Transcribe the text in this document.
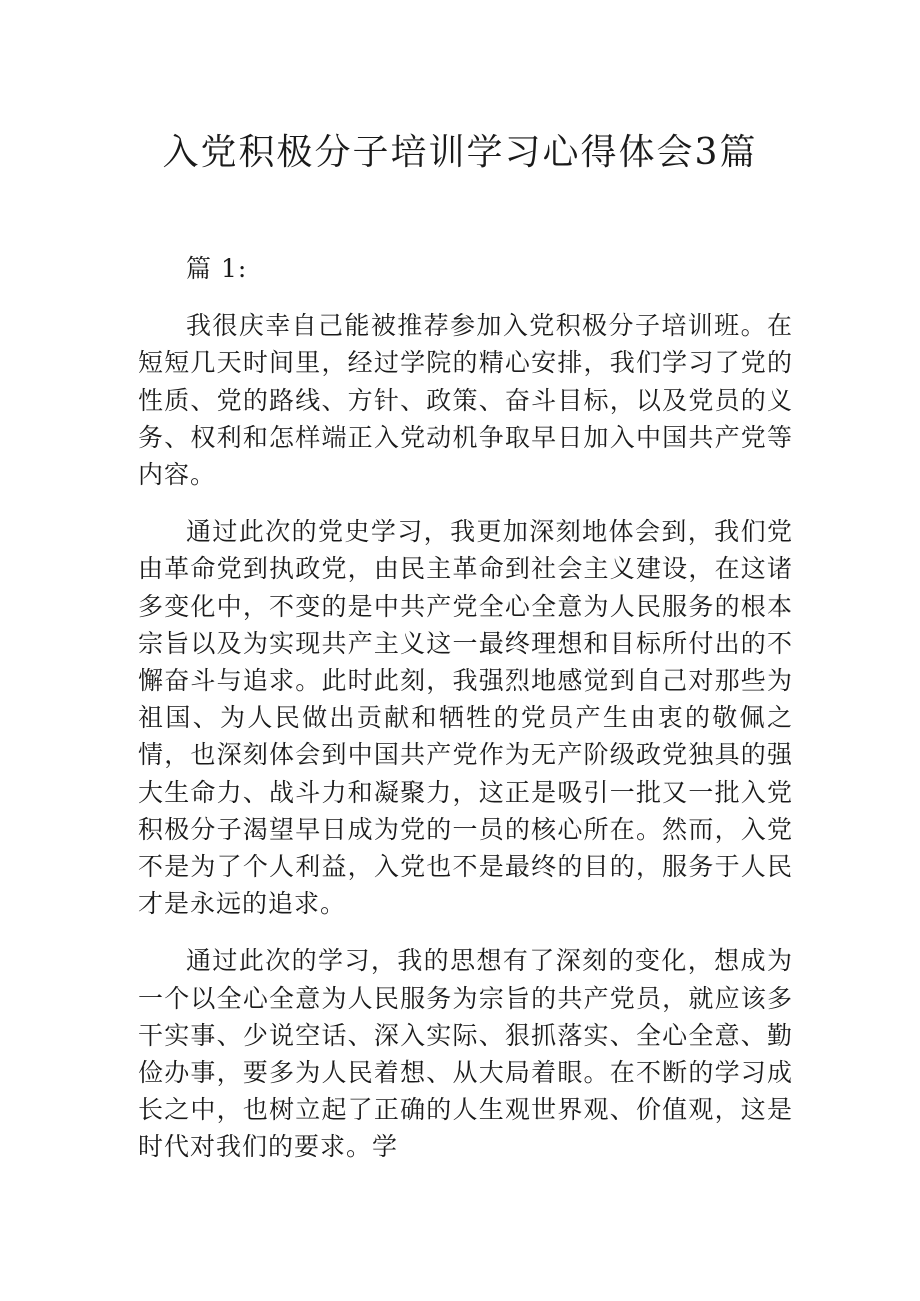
入党积极分子培训学习心得体会3篇

篇 1:

我很庆幸自己能被推荐参加入党积极分子培训班。在短短几天时间里，经过学院的精心安排，我们学习了党的性质、党的路线、方针、政策、奋斗目标，以及党员的义务、权利和怎样端正入党动机争取早日加入中国共产党等内容。

通过此次的党史学习，我更加深刻地体会到，我们党由革命党到执政党，由民主革命到社会主义建设，在这诸多变化中，不变的是中共产党全心全意为人民服务的根本宗旨以及为实现共产主义这一最终理想和目标所付出的不懈奋斗与追求。此时此刻，我强烈地感觉到自己对那些为祖国、为人民做出贡献和牺牲的党员产生由衷的敬佩之情，也深刻体会到中国共产党作为无产阶级政党独具的强大生命力、战斗力和凝聚力，这正是吸引一批又一批入党积极分子渴望早日成为党的一员的核心所在。然而，入党不是为了个人利益，入党也不是最终的目的，服务于人民才是永远的追求。

通过此次的学习，我的思想有了深刻的变化，想成为一个以全心全意为人民服务为宗旨的共产党员，就应该多干实事、少说空话、深入实际、狠抓落实、全心全意、勤俭办事，要多为人民着想、从大局着眼。在不断的学习成长之中，也树立起了正确的人生观世界观、价值观，这是时代对我们的要求。学
